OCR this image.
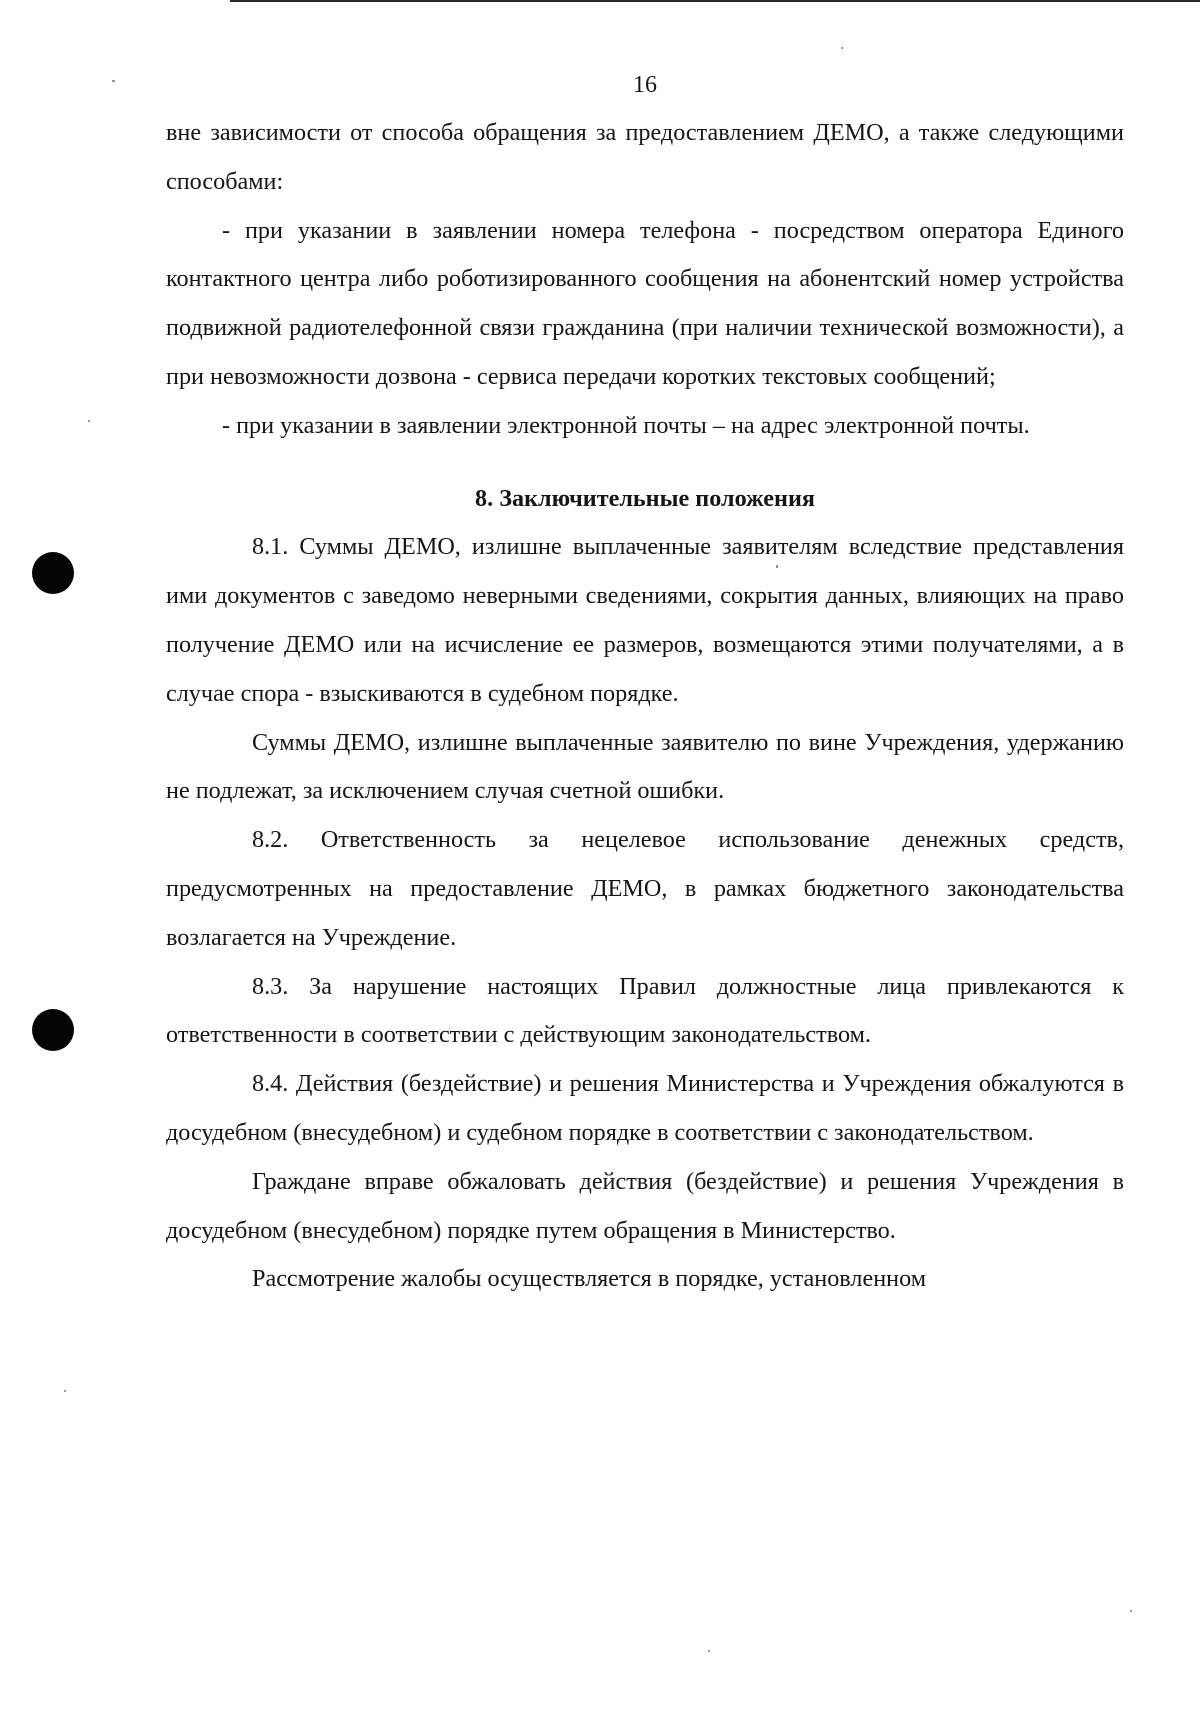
16

вне зависимости от способа обращения за предоставлением ДЕМО, а также следующими способами:

- при указании в заявлении номера телефона - посредством оператора Единого контактного центра либо роботизированного сообщения на абонентский номер устройства подвижной радиотелефонной связи гражданина (при наличии технической возможности), а при невозможности дозвона - сервиса передачи коротких текстовых сообщений;

- при указании в заявлении электронной почты – на адрес электронной почты.

8. Заключительные положения

8.1. Суммы ДЕМО, излишне выплаченные заявителям вследствие представления ими документов с заведомо неверными сведениями, сокрытия данных, влияющих на право получение ДЕМО или на исчисление ее размеров, возмещаются этими получателями, а в случае спора - взыскиваются в судебном порядке.

Суммы ДЕМО, излишне выплаченные заявителю по вине Учреждения, удержанию не подлежат, за исключением случая счетной ошибки.

8.2. Ответственность за нецелевое использование денежных средств, предусмотренных на предоставление ДЕМО, в рамках бюджетного законодательства возлагается на Учреждение.

8.3. За нарушение настоящих Правил должностные лица привлекаются к ответственности в соответствии с действующим законодательством.

8.4. Действия (бездействие) и решения Министерства и Учреждения обжалуются в досудебном (внесудебном) и судебном порядке в соответствии с законодательством.

Граждане вправе обжаловать действия (бездействие) и решения Учреждения в досудебном (внесудебном) порядке путем обращения в Министерство.

Рассмотрение жалобы осуществляется в порядке, установленном
